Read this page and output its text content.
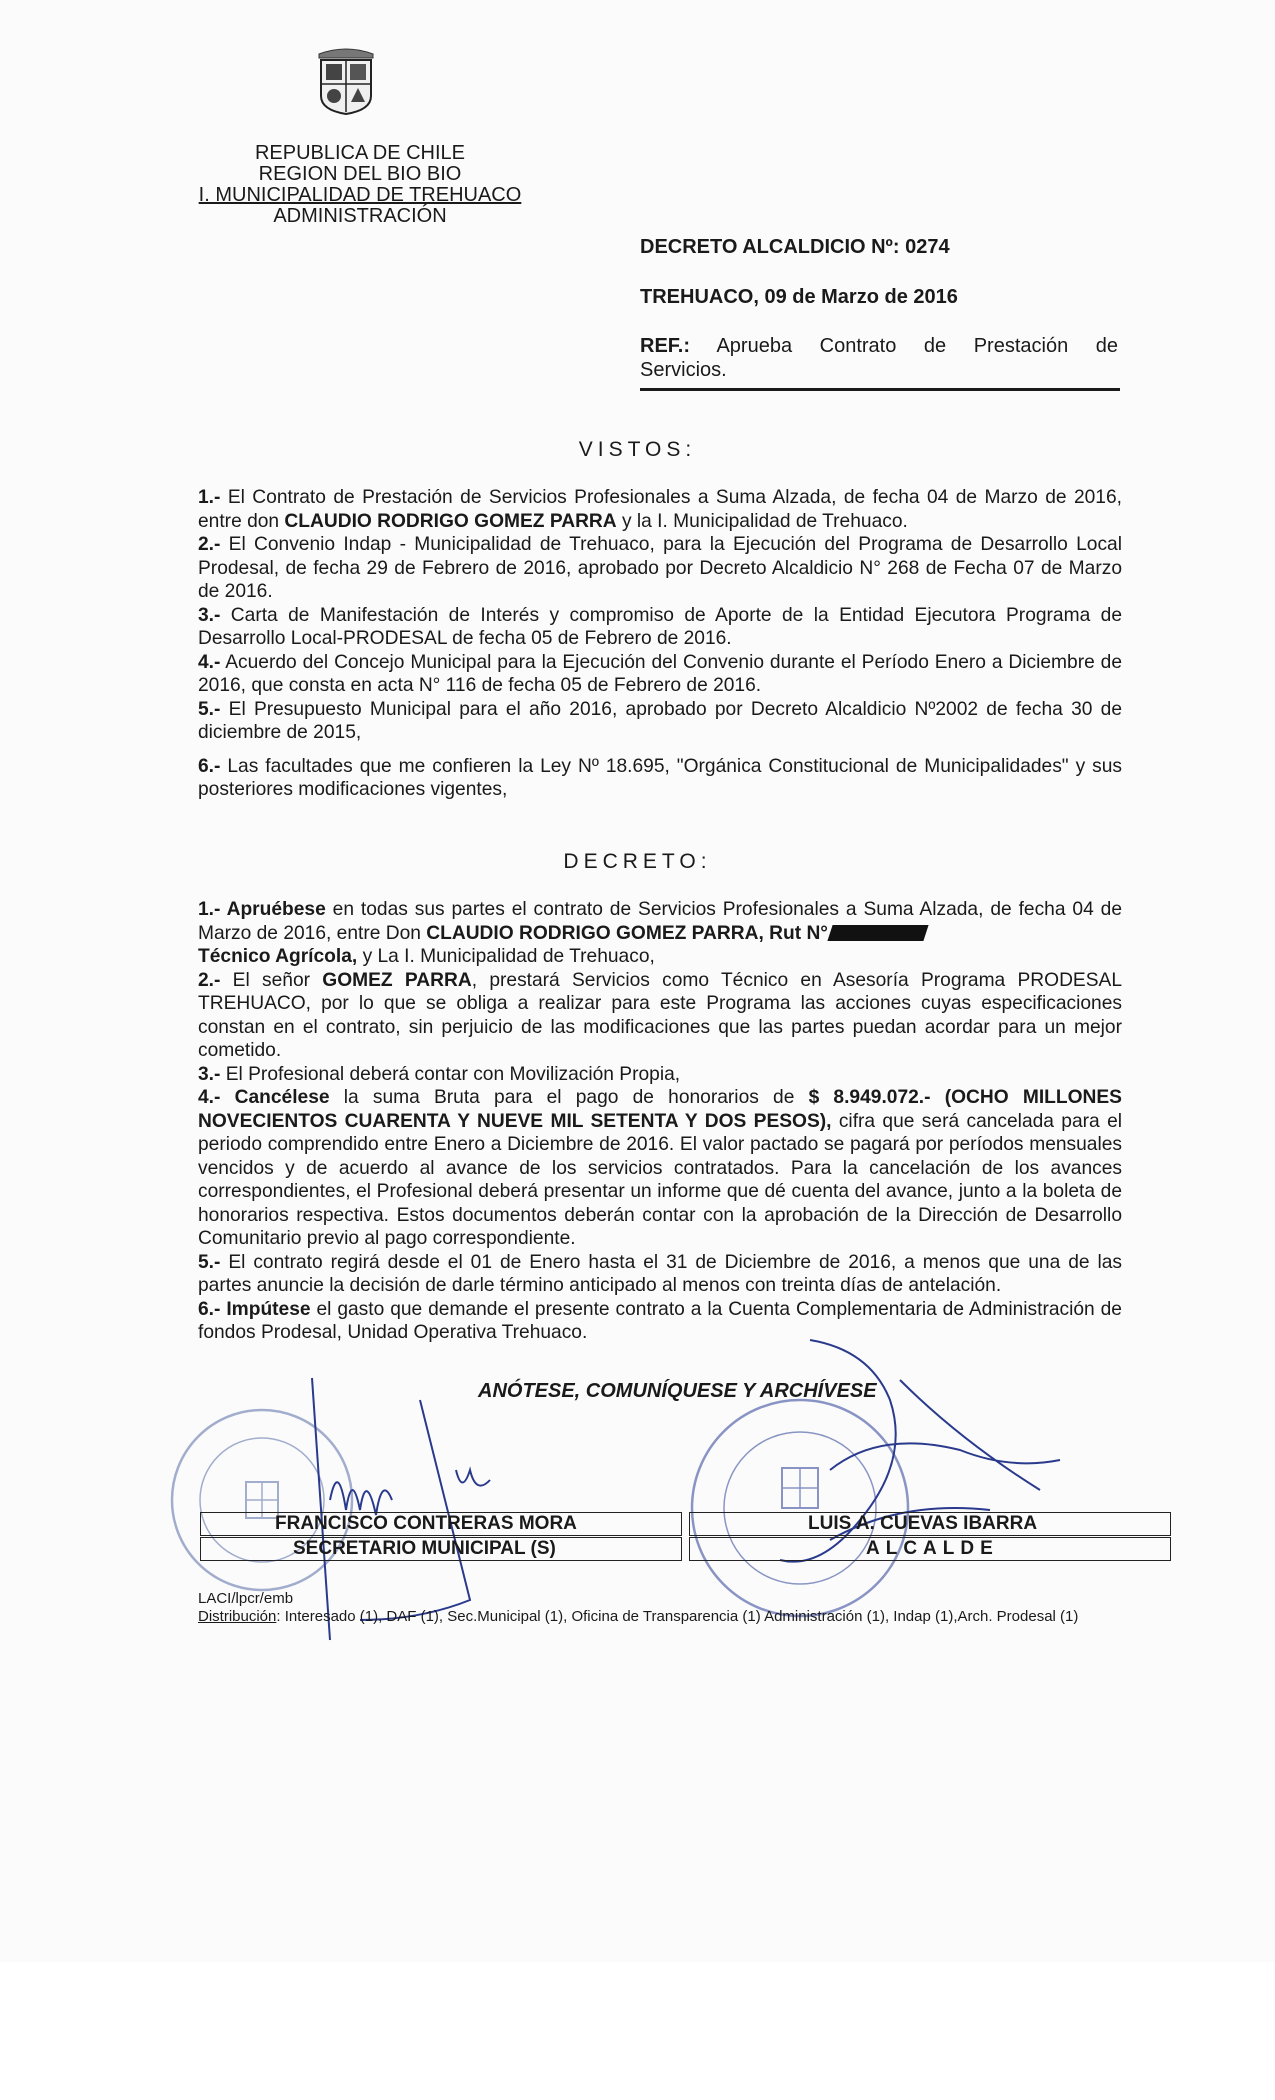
REPUBLICA DE CHILE
REGION DEL BIO BIO
I. MUNICIPALIDAD DE TREHUACO
ADMINISTRACIÓN
DECRETO ALCALDICIO Nº: 0274
TREHUACO, 09 de Marzo de 2016
REF.: Aprueba Contrato de Prestación de
Servicios.
VISTOS:

1.- El Contrato de Prestación de Servicios Profesionales a Suma Alzada, de fecha 04 de Marzo de 2016, entre don CLAUDIO RODRIGO GOMEZ PARRA y la I. Municipalidad de Trehuaco.

2.- El Convenio Indap - Municipalidad de Trehuaco, para la Ejecución del Programa de Desarrollo Local Prodesal, de fecha 29 de Febrero de 2016, aprobado por Decreto Alcaldicio N° 268 de Fecha 07 de Marzo de 2016.

3.- Carta de Manifestación de Interés y compromiso de Aporte de la Entidad Ejecutora Programa de Desarrollo Local-PRODESAL de fecha 05 de Febrero de 2016.

4.- Acuerdo del Concejo Municipal para la Ejecución del Convenio durante el Período Enero a Diciembre de 2016, que consta en acta N° 116 de fecha 05 de Febrero de 2016.

5.- El Presupuesto Municipal para el año 2016, aprobado por Decreto Alcaldicio Nº2002 de fecha 30 de diciembre de 2015,

6.- Las facultades que me confieren la Ley Nº 18.695, "Orgánica Constitucional de Municipalidades" y sus posteriores modificaciones vigentes,

DECRETO:

1.- Apruébese en todas sus partes el contrato de Servicios Profesionales a Suma Alzada, de fecha 04 de Marzo de 2016, entre Don CLAUDIO RODRIGO GOMEZ PARRA, Rut N°
Técnico Agrícola, y La I. Municipalidad de Trehuaco,

2.- El señor GOMEZ PARRA, prestará Servicios como Técnico en Asesoría Programa PRODESAL TREHUACO, por lo que se obliga a realizar para este Programa las acciones cuyas especificaciones constan en el contrato, sin perjuicio de las modificaciones que las partes puedan acordar para un mejor cometido.

3.- El Profesional deberá contar con Movilización Propia,

4.- Cancélese la suma Bruta para el pago de honorarios de $ 8.949.072.- (OCHO MILLONES NOVECIENTOS CUARENTA Y NUEVE MIL SETENTA Y DOS PESOS), cifra que será cancelada para el periodo comprendido entre Enero a Diciembre de 2016. El valor pactado se pagará por períodos mensuales vencidos y de acuerdo al avance de los servicios contratados. Para la cancelación de los avances correspondientes, el Profesional deberá presentar un informe que dé cuenta del avance, junto a la boleta de honorarios respectiva. Estos documentos deberán contar con la aprobación de la Dirección de Desarrollo Comunitario previo al pago correspondiente.

5.- El contrato regirá desde el 01 de Enero hasta el 31 de Diciembre de 2016, a menos que una de las partes anuncie la decisión de darle término anticipado al menos con treinta días de antelación.

6.- Impútese el gasto que demande el presente contrato a la Cuenta Complementaria de Administración de fondos Prodesal, Unidad Operativa Trehuaco.

ANÓTESE, COMUNÍQUESE Y ARCHÍVESE
FRANCISCO CONTRERAS MORA
SECRETARIO MUNICIPAL (S)
LUIS A. CUEVAS IBARRA
ALCALDE
LACI/lpcr/emb
Distribución: Interesado (1), DAF (1), Sec.Municipal (1), Oficina de Transparencia (1) Administración (1), Indap (1),Arch. Prodesal (1)
